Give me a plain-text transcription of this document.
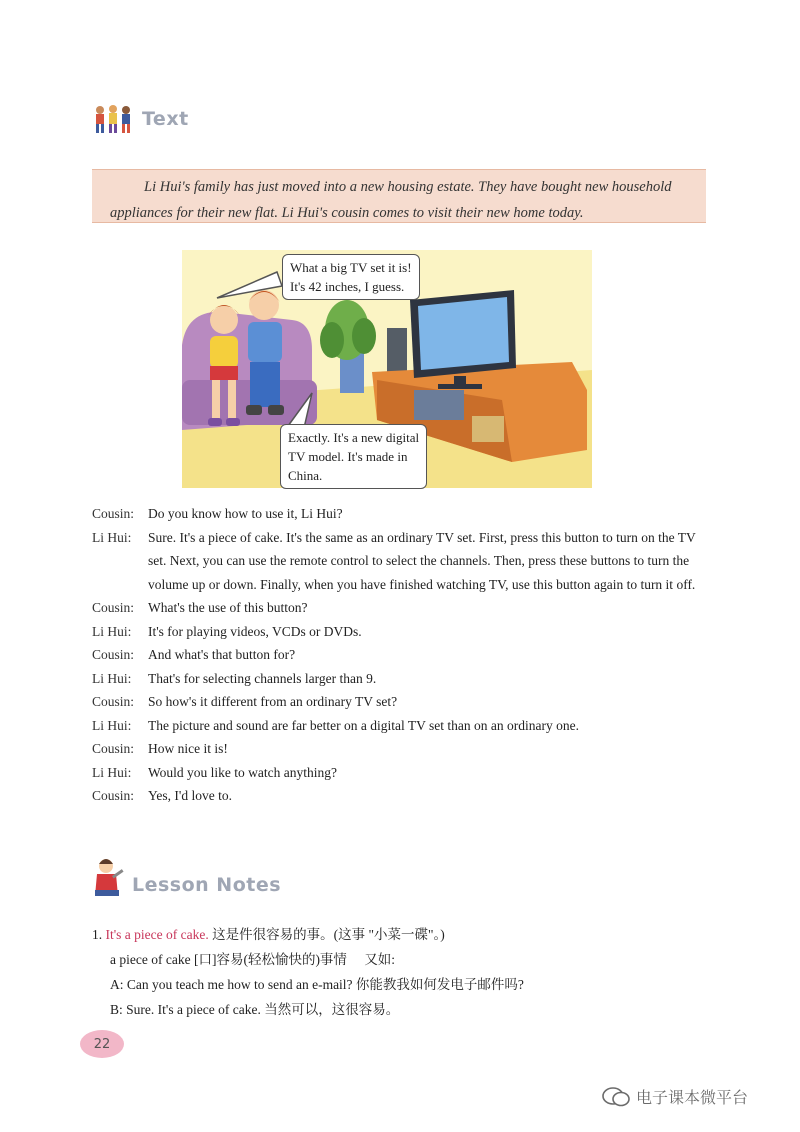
Text

Li Hui's family has just moved into a new housing estate. They have bought new household appliances for their new flat. Li Hui's cousin comes to visit their new home today.

What a big TV set it is!
It's 42 inches, I guess.
Exactly. It's a new digital
TV model. It's made in
China.
Cousin:	Do you know how to use it, Li Hui?
Li Hui:	Sure. It's a piece of cake. It's the same as an ordinary TV set. First, press this button to turn on the TV set. Next, you can use the remote control to select the channels. Then, press these buttons to turn the volume up or down. Finally, when you have finished watching TV, use this button again to turn it off.
Cousin:	What's the use of this button?
Li Hui:	It's for playing videos, VCDs or DVDs.
Cousin:	And what's that button for?
Li Hui:	That's for selecting channels larger than 9.
Cousin:	So how's it different from an ordinary TV set?
Li Hui:	The picture and sound are far better on a digital TV set than on an ordinary one.
Cousin:	How nice it is!
Li Hui:	Would you like to watch anything?
Cousin:	Yes, I'd love to.
Lesson Notes
1. It's a piece of cake. 这是件很容易的事。(这事 "小菜一碟"。)
a piece of cake [口]容易(轻松愉快的)事情 又如:
A: Can you teach me how to send an e-mail? 你能教我如何发电子邮件吗?
B: Sure. It's a piece of cake. 当然可以，这很容易。
22
电子课本微平台
